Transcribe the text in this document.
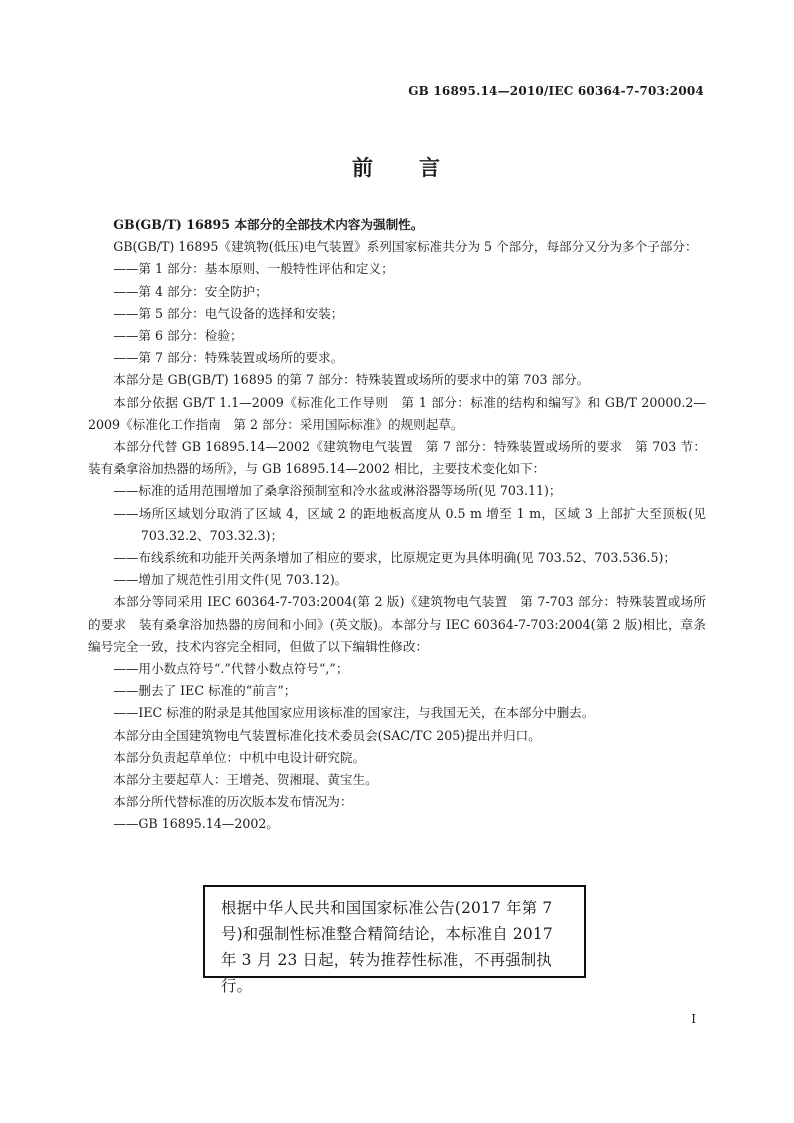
GB 16895.14—2010/IEC 60364-7-703:2004
前 言

GB(GB/T) 16895 本部分的全部技术内容为强制性。

GB(GB/T) 16895《建筑物(低压)电气装置》系列国家标准共分为 5 个部分，每部分又分为多个子部分：

——第 1 部分：基本原则、一般特性评估和定义；

——第 4 部分：安全防护；

——第 5 部分：电气设备的选择和安装；

——第 6 部分：检验；

——第 7 部分：特殊装置或场所的要求。

本部分是 GB(GB/T) 16895 的第 7 部分：特殊装置或场所的要求中的第 703 部分。

本部分依据 GB/T 1.1—2009《标准化工作导则　第 1 部分：标准的结构和编写》和 GB/T 20000.2—2009《标准化工作指南　第 2 部分：采用国际标准》的规则起草。

本部分代替 GB 16895.14—2002《建筑物电气装置　第 7 部分：特殊装置或场所的要求　第 703 节：装有桑拿浴加热器的场所》，与 GB 16895.14—2002 相比，主要技术变化如下：

——标准的适用范围增加了桑拿浴预制室和冷水盆或淋浴器等场所(见 703.11)；

——场所区域划分取消了区域 4，区域 2 的距地板高度从 0.5 m 增至 1 m，区域 3 上部扩大至顶板(见 703.32.2、703.32.3)；

——布线系统和功能开关两条增加了相应的要求，比原规定更为具体明确(见 703.52、703.536.5)；

——增加了规范性引用文件(见 703.12)。

本部分等同采用 IEC 60364-7-703:2004(第 2 版)《建筑物电气装置　第 7-703 部分：特殊装置或场所的要求　装有桑拿浴加热器的房间和小间》(英文版)。本部分与 IEC 60364-7-703:2004(第 2 版)相比，章条编号完全一致，技术内容完全相同，但做了以下编辑性修改：

——用小数点符号“.”代替小数点符号“,”；

——删去了 IEC 标准的“前言”；

——IEC 标准的附录是其他国家应用该标准的国家注，与我国无关，在本部分中删去。

本部分由全国建筑物电气装置标准化技术委员会(SAC/TC 205)提出并归口。

本部分负责起草单位：中机中电设计研究院。

本部分主要起草人：王增尧、贺湘琨、黄宝生。

本部分所代替标准的历次版本发布情况为：

——GB 16895.14—2002。

根据中华人民共和国国家标准公告(2017 年第 7
号)和强制性标准整合精简结论，本标准自 2017
年 3 月 23 日起，转为推荐性标准，不再强制执行。
I
